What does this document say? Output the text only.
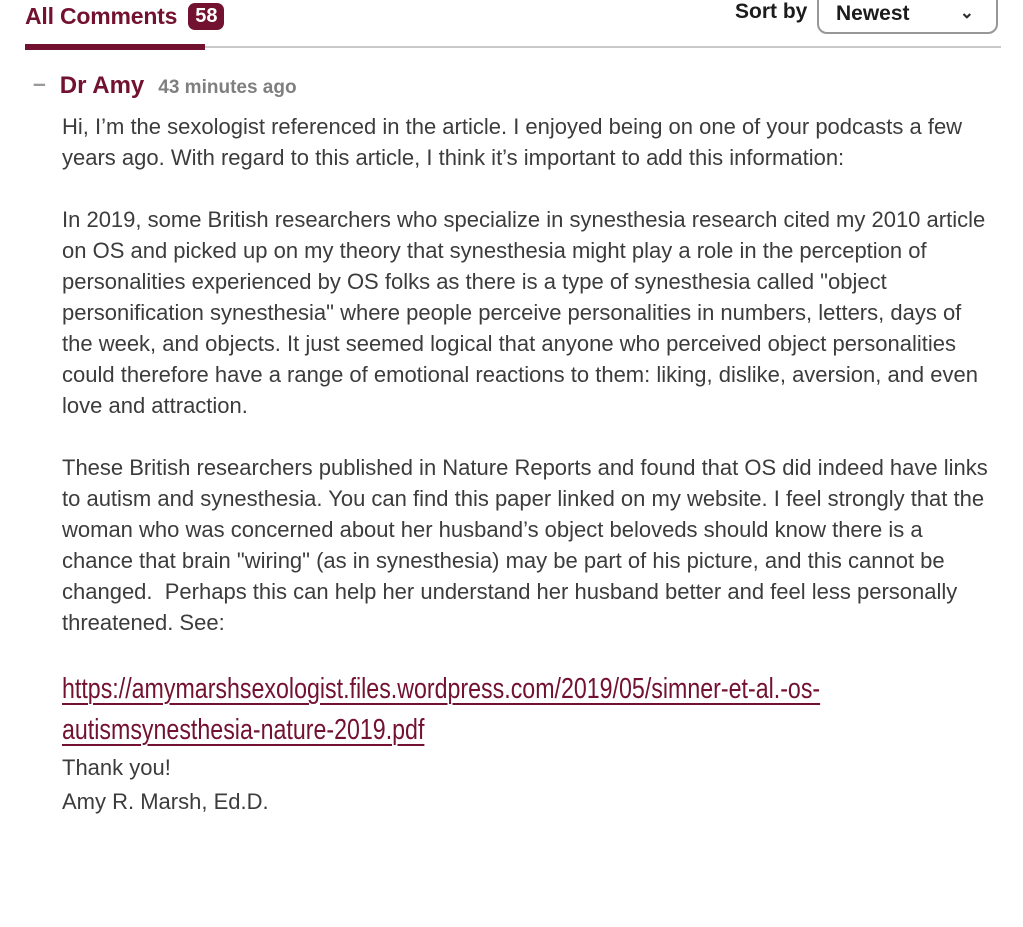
All Comments 58	Sort by Newest	⌄
– Dr Amy 43 minutes ago

Hi, I’m the sexologist referenced in the article. I enjoyed being on one of your podcasts a few years ago. With regard to this article, I think it’s important to add this information:

In 2019, some British researchers who specialize in synesthesia research cited my 2010 article on OS and picked up on my theory that synesthesia might play a role in the perception of personalities experienced by OS folks as there is a type of synesthesia called "object personification synesthesia" where people perceive personalities in numbers, letters, days of the week, and objects. It just seemed logical that anyone who perceived object personalities could therefore have a range of emotional reactions to them: liking, dislike, aversion, and even love and attraction.

These British researchers published in Nature Reports and found that OS did indeed have links to autism and synesthesia. You can find this paper linked on my website. I feel strongly that the woman who was concerned about her husband’s object beloveds should know there is a chance that brain "wiring" (as in synesthesia) may be part of his picture, and this cannot be changed.  Perhaps this can help her understand her husband better and feel less personally threatened. See:

https://amymarshsexologist.files.wordpress.com/2019/05/simner-et-al.-os-
autismsynesthesia-nature-2019.pdf
Thank you!
Amy R. Marsh, Ed.D.
